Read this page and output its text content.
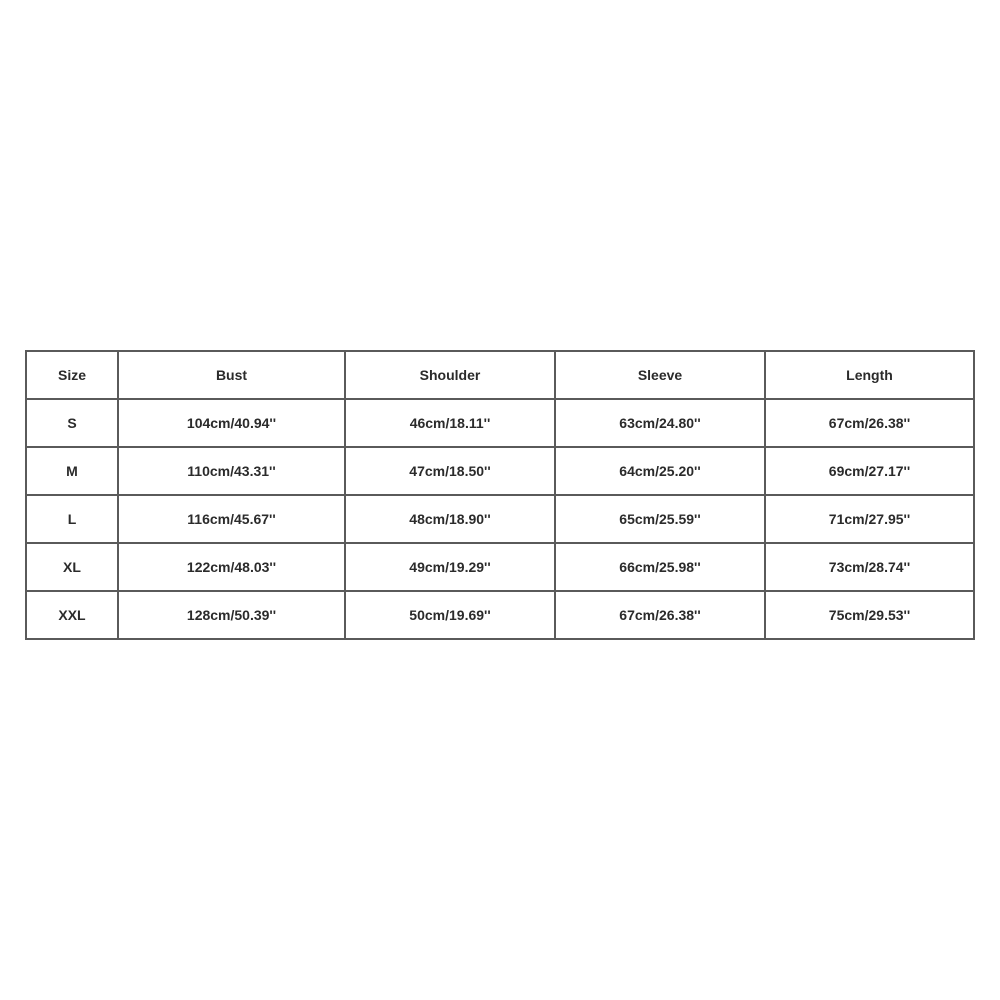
Size	Bust	Shoulder	Sleeve	Length
S	104cm/40.94''	46cm/18.11''	63cm/24.80''	67cm/26.38''
M	110cm/43.31''	47cm/18.50''	64cm/25.20''	69cm/27.17''
L	116cm/45.67''	48cm/18.90''	65cm/25.59''	71cm/27.95''
XL	122cm/48.03''	49cm/19.29''	66cm/25.98''	73cm/28.74''
XXL	128cm/50.39''	50cm/19.69''	67cm/26.38''	75cm/29.53''
